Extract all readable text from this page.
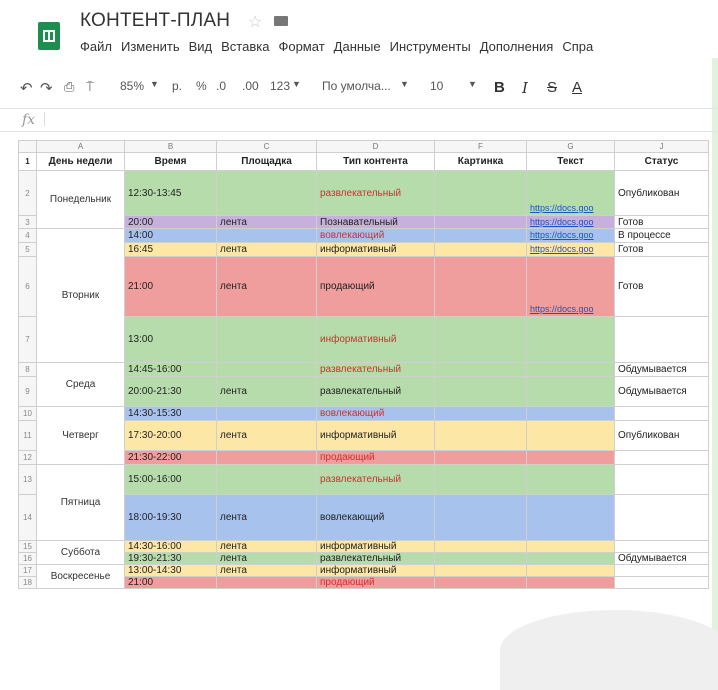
КОНТЕНТ-ПЛАН ☆
Файл Изменить Вид Вставка Формат Данные Инструменты Дополнения Спра
↶ ↷ ⎙ ⍑ 85% ▼ р. % .0 .00 123 ▼ По умолча... ▼ 10	▼ B I S A
fx
	A	B	C	D	F	G	J
1	День недели	Время	Площадка	Тип контента	Картинка	Текст	Статус
2	Понедельник	12:30-13:45		развлекательный		https://docs.goo	Опубликован
3		20:00	лента	Познавательный		https://docs.goo	Готов
4	Вторник	14:00		вовлекающий		https://docs.goo	В процессе
5		16:45	лента	информативный		https://docs.goo	Готов
6		21:00	лента	продающий		https://docs.goo	Готов
7		13:00		информативный			
8	Среда	14:45-16:00		развлекательный			Обдумывается
9		20:00-21:30	лента	развлекательный			Обдумывается
10	Четверг	14:30-15:30		вовлекающий			
11		17:30-20:00	лента	информативный			Опубликован
12		21:30-22:00		продающий			
13	Пятница	15:00-16:00		развлекательный			
14		18:00-19:30	лента	вовлекающий			
15	Суббота	14:30-16:00	лента	информативный			
16		19:30-21:30	лента	развлекательный			Обдумывается
17	Воскресенье	13:00-14:30	лента	информативный			
18		21:00		продающий			
